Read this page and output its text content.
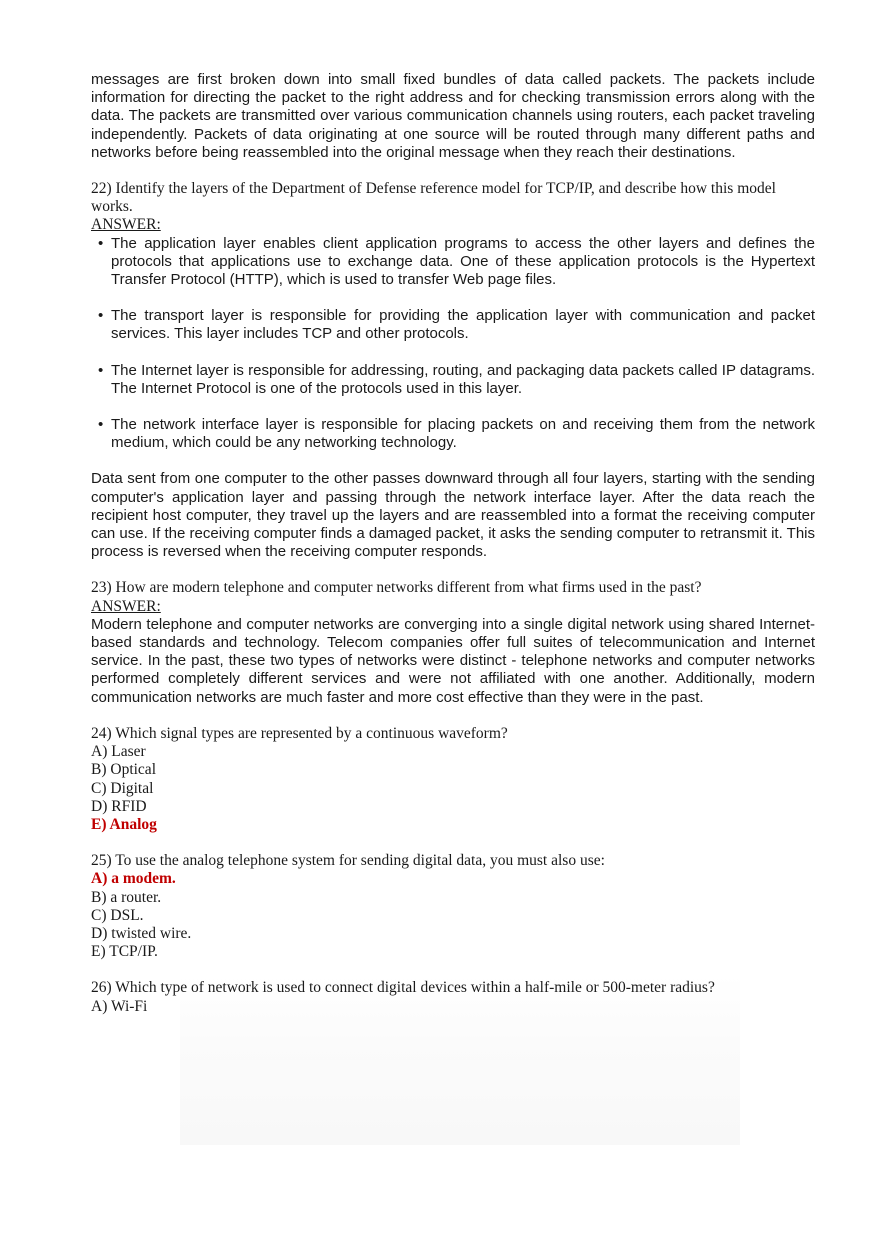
messages are first broken down into small fixed bundles of data called packets. The packets include information for directing the packet to the right address and for checking transmission errors along with the data. The packets are transmitted over various communication channels using routers, each packet traveling independently. Packets of data originating at one source will be routed through many different paths and networks before being reassembled into the original message when they reach their destinations.

22) Identify the layers of the Department of Defense reference model for TCP/IP, and describe how this model works.

ANSWER:

• The application layer enables client application programs to access the other layers and defines the protocols that applications use to exchange data. One of these application protocols is the Hypertext Transfer Protocol (HTTP), which is used to transfer Web page files.
• The transport layer is responsible for providing the application layer with communication and packet services. This layer includes TCP and other protocols.
• The Internet layer is responsible for addressing, routing, and packaging data packets called IP datagrams. The Internet Protocol is one of the protocols used in this layer.
• The network interface layer is responsible for placing packets on and receiving them from the network medium, which could be any networking technology.

Data sent from one computer to the other passes downward through all four layers, starting with the sending computer's application layer and passing through the network interface layer. After the data reach the recipient host computer, they travel up the layers and are reassembled into a format the receiving computer can use. If the receiving computer finds a damaged packet, it asks the sending computer to retransmit it. This process is reversed when the receiving computer responds.

23) How are modern telephone and computer networks different from what firms used in the past?

ANSWER:

Modern telephone and computer networks are converging into a single digital network using shared Internet-based standards and technology. Telecom companies offer full suites of telecommunication and Internet service. In the past, these two types of networks were distinct - telephone networks and computer networks performed completely different services and were not affiliated with one another. Additionally, modern communication networks are much faster and more cost effective than they were in the past.

24) Which signal types are represented by a continuous waveform?

A) Laser

B) Optical

C) Digital

D) RFID

E) Analog

25) To use the analog telephone system for sending digital data, you must also use:

A) a modem.

B) a router.

C) DSL.

D) twisted wire.

E) TCP/IP.

26) Which type of network is used to connect digital devices within a half-mile or 500-meter radius?

A) Wi-Fi
